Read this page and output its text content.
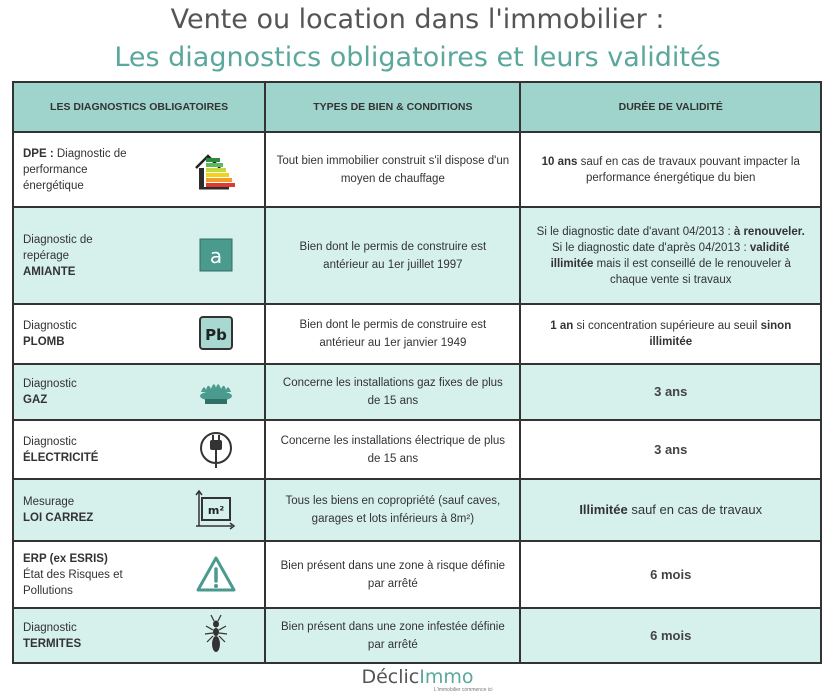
Vente ou location dans l'immobilier :
Les diagnostics obligatoires et leurs validités
LES DIAGNOSTICS OBLIGATOIRES	TYPES DE BIEN & CONDITIONS	DURÉE DE VALIDITÉ

DPE : Diagnostic de performance énergétique	Tout bien immobilier construit s'il dispose d'un moyen de chauffage	10 ans sauf en cas de travaux pouvant impacter la performance énergétique du bien

Diagnostic de repérage
AMIANTE
a	Bien dont le permis de construire est antérieur au 1er juillet 1997	Si le diagnostic date d'avant 04/2013 : à renouveler.
Si le diagnostic date d'après 04/2013 : validité illimitée mais il est conseillé de le renouveler à chaque vente si travaux

Diagnostic
PLOMB Pb	Bien dont le permis de construire est antérieur au 1er janvier 1949	1 an si concentration supérieure au seuil sinon illimitée

Diagnostic
GAZ	Concerne les installations gaz fixes de plus de 15 ans	3 ans

Diagnostic
ÉLECTRICITÉ	Concerne les installations électrique de plus de 15 ans	3 ans

Mesurage
LOI CARREZ
m²	Tous les biens en copropriété (sauf caves, garages et lots inférieurs à 8m²)	Illimitée sauf en cas de travaux

ERP (ex ESRIS)
État des Risques et Pollutions	Bien présent dans une zone à risque définie par arrêté	6 mois

Diagnostic
TERMITES	Bien présent dans une zone infestée définie par arrêté	6 mois
DéclicImmo
L'immobilier commence ici
